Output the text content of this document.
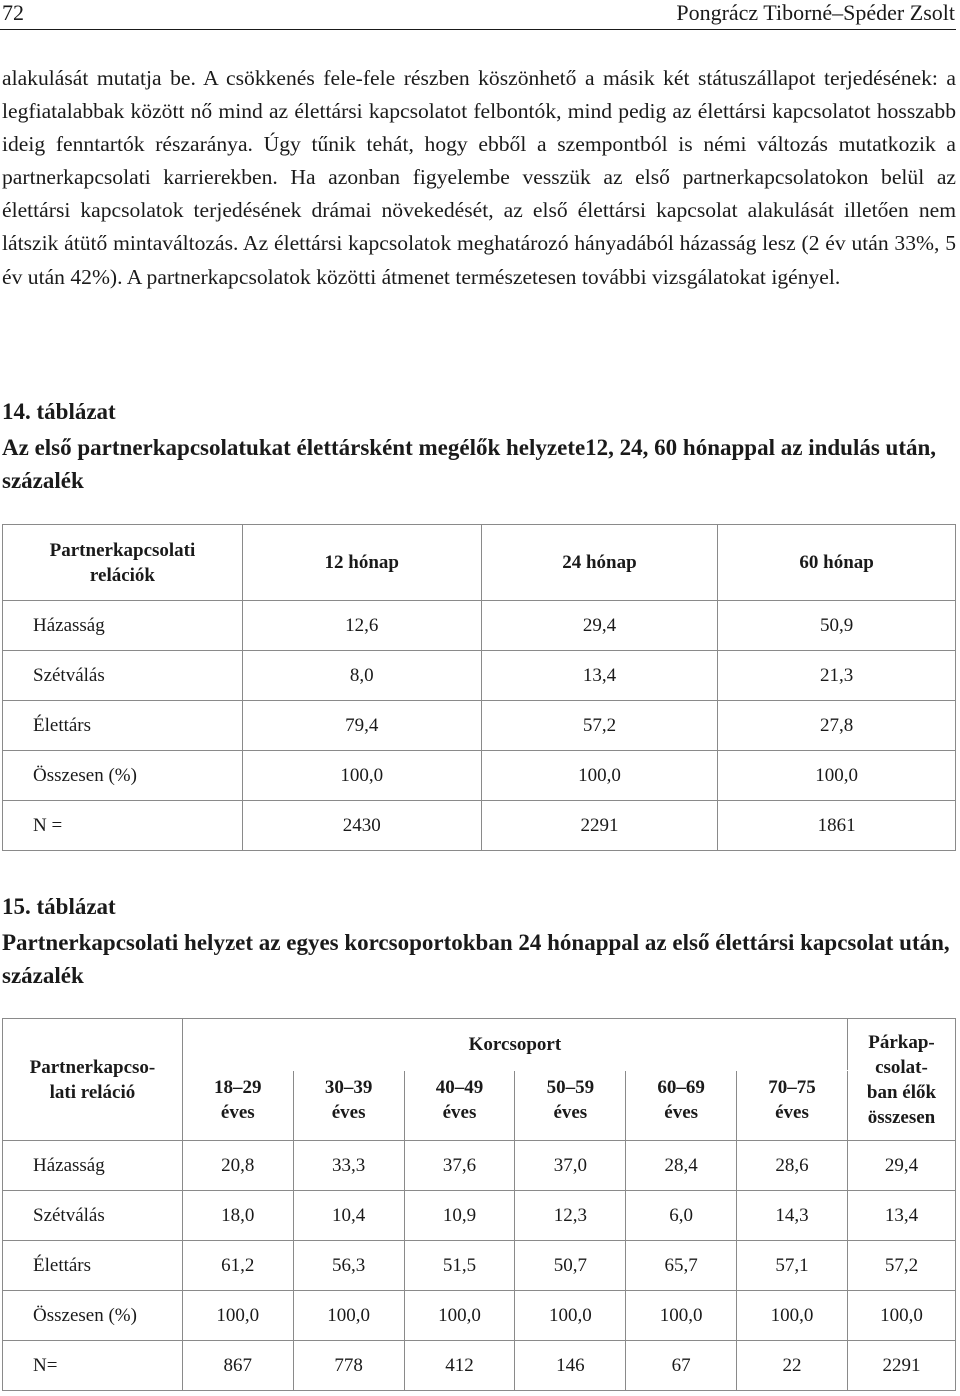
72	Pongrácz Tiborné–Spéder Zsolt

alakulását mutatja be. A csökkenés fele-fele részben köszönhető a másik két státuszállapot terjedésének: a legfiatalabbak között nő mind az élettársi kapcsolatot felbontók, mind pedig az élettársi kapcsolatot hosszabb ideig fenntartók részaránya. Úgy tűnik tehát, hogy ebből a szempontból is némi változás mutatkozik a partnerkapcsolati karrierekben. Ha azonban figyelembe vesszük az első partnerkapcsolatokon belül az élettársi kapcsolatok terjedésének drámai növekedését, az első élettársi kapcsolat alakulását illetően nem látszik átütő mintaváltozás. Az élettársi kapcsolatok meghatározó hányadából házasság lesz (2 év után 33%, 5 év után 42%). A partnerkapcsolatok közötti átmenet természetesen további vizsgálatokat igényel.

14. táblázat

Az első partnerkapcsolatukat élettársként megélők helyzete12, 24, 60 hónappal az indulás után, százalék

Partnerkapcsolati relációk	12 hónap	24 hónap	60 hónap
Házasság	12,6	29,4	50,9
Szétválás	8,0	13,4	21,3
Élettárs	79,4	57,2	27,8
Összesen (%)	100,0	100,0	100,0
N =	2430	2291	1861

15. táblázat

Partnerkapcsolati helyzet az egyes korcsoportokban 24 hónappal az első élettársi kapcsolat után, százalék

Partnerkapcso-lati reláció	Korcsoport						Párkap-csolat-ban élők összesen
	18–29 éves	30–39 éves	40–49 éves	50–59 éves	60–69 éves	70–75 éves	
Házasság	20,8	33,3	37,6	37,0	28,4	28,6	29,4
Szétválás	18,0	10,4	10,9	12,3	6,0	14,3	13,4
Élettárs	61,2	56,3	51,5	50,7	65,7	57,1	57,2
Összesen (%)	100,0	100,0	100,0	100,0	100,0	100,0	100,0
N=	867	778	412	146	67	22	2291
